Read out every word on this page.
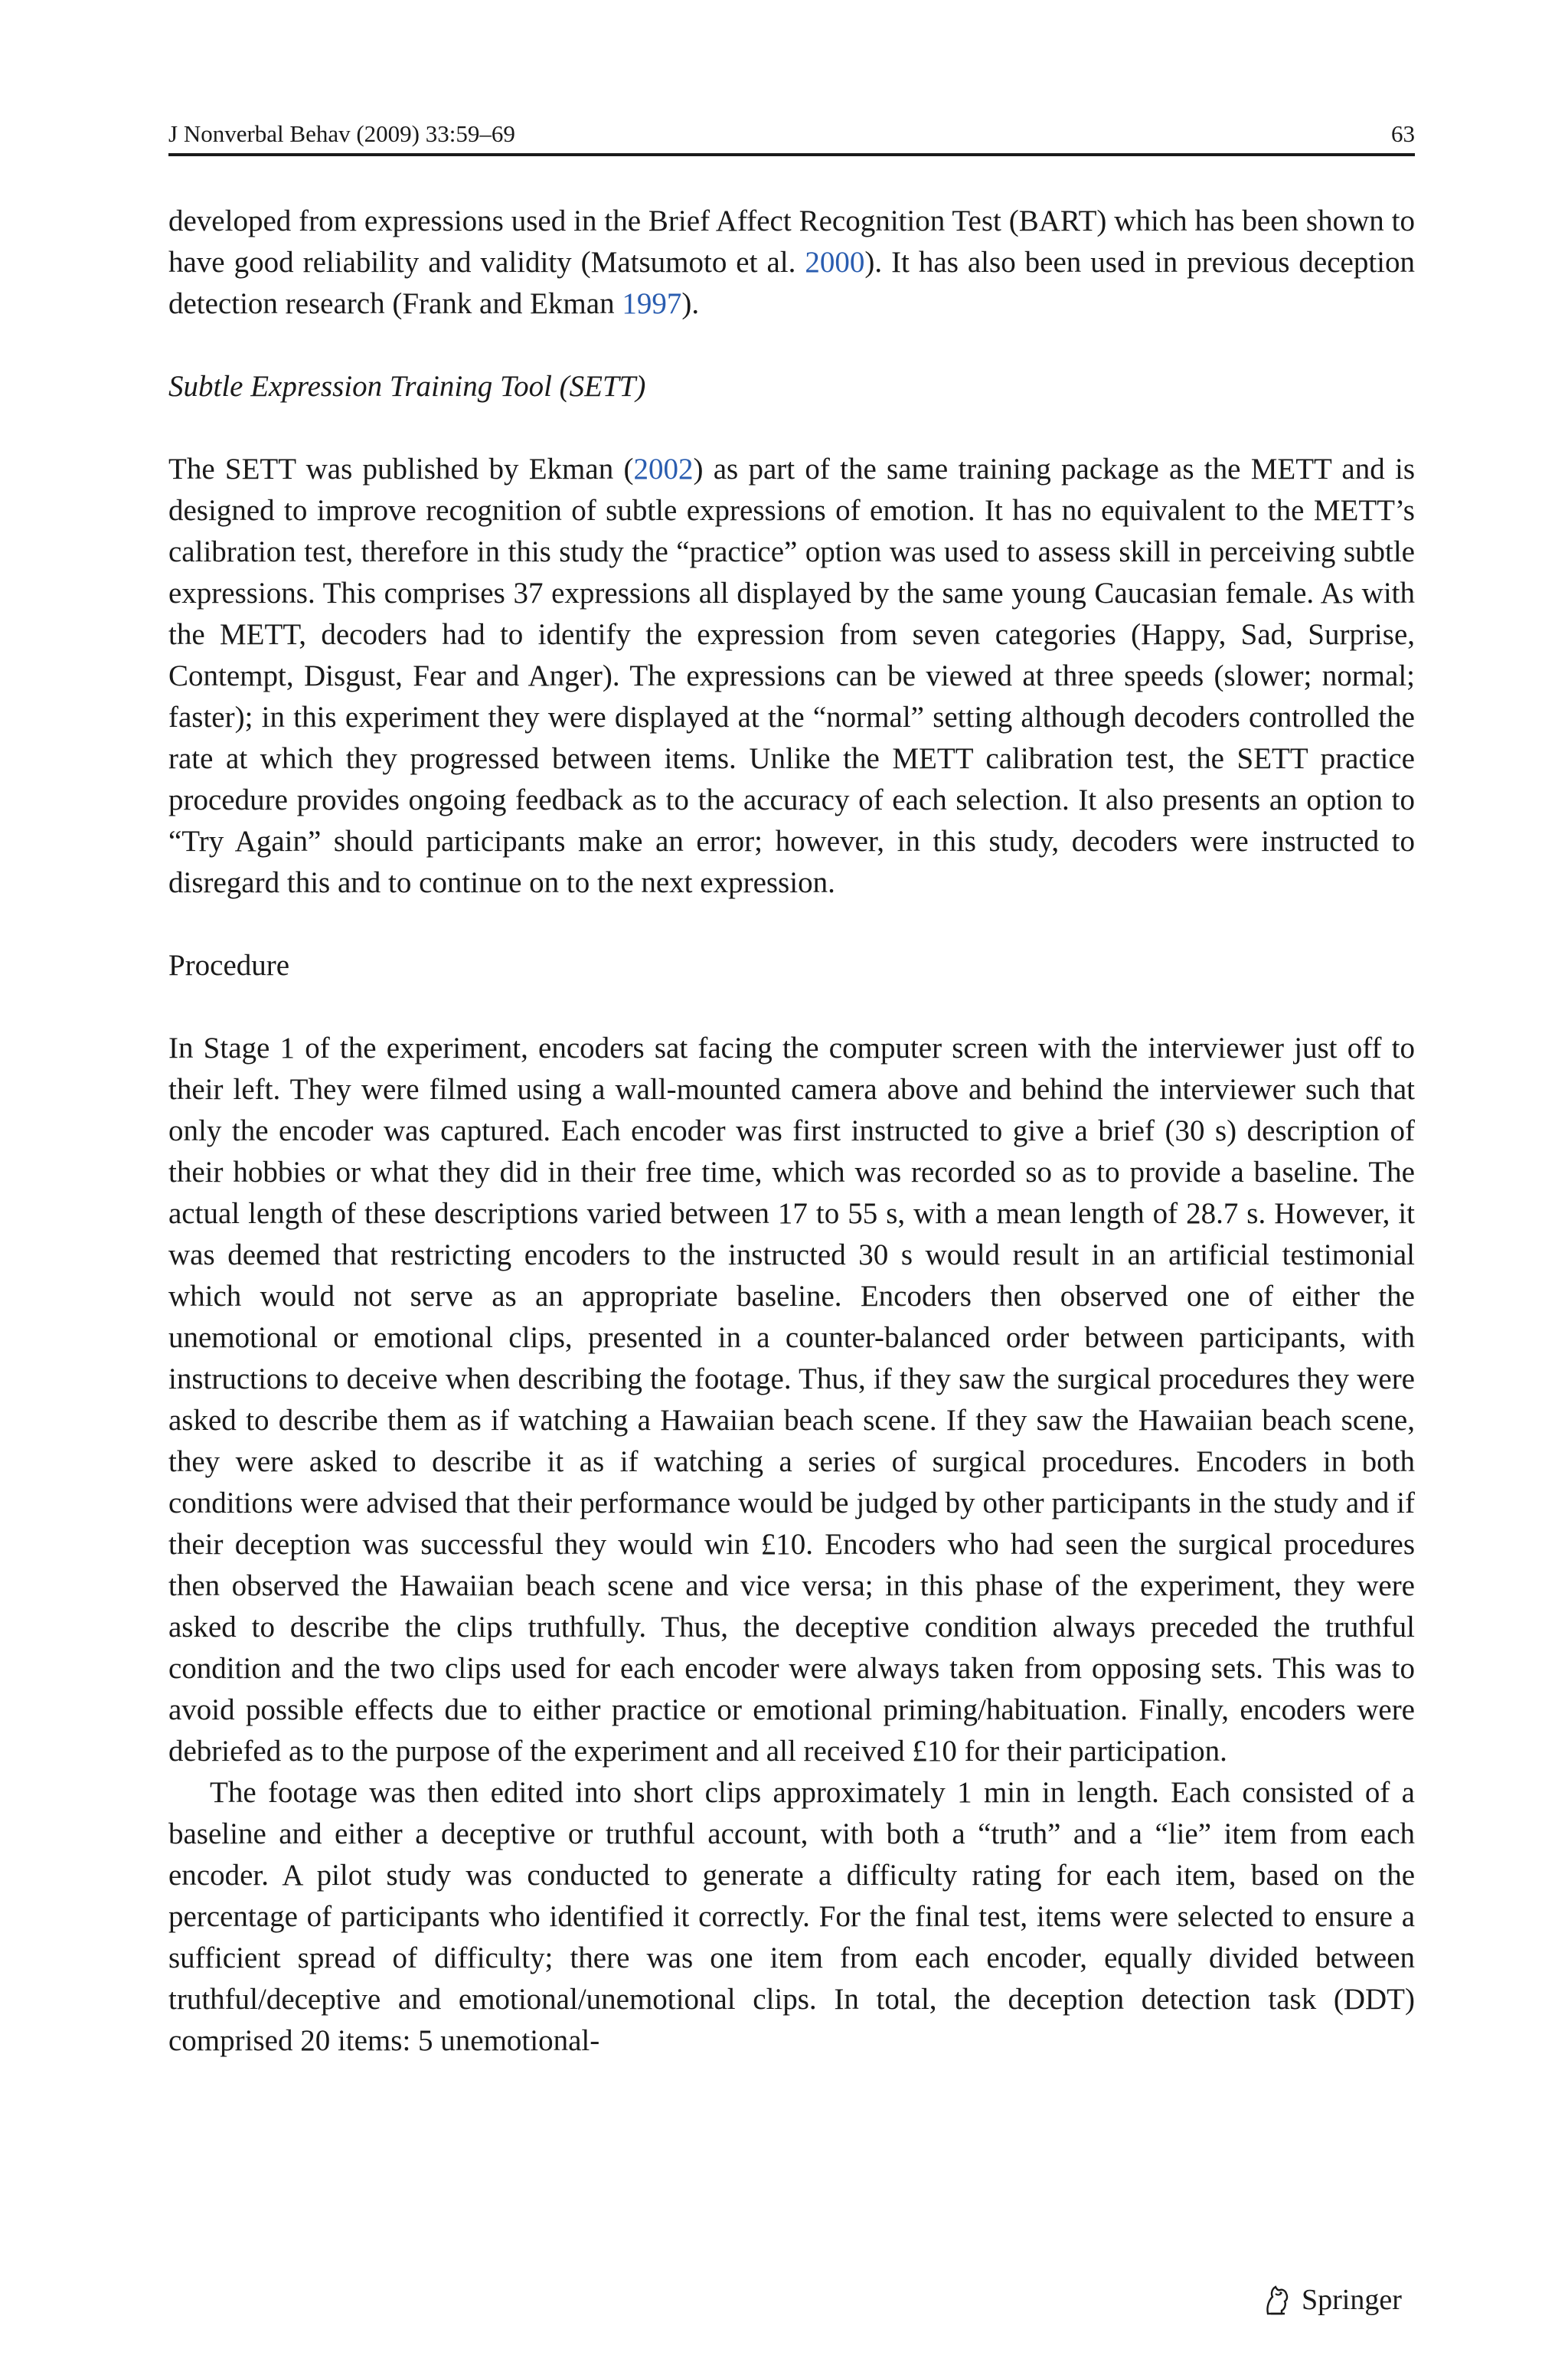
J Nonverbal Behav (2009) 33:59–69	63

developed from expressions used in the Brief Affect Recognition Test (BART) which has been shown to have good reliability and validity (Matsumoto et al. 2000). It has also been used in previous deception detection research (Frank and Ekman 1997).

Subtle Expression Training Tool (SETT)

The SETT was published by Ekman (2002) as part of the same training package as the METT and is designed to improve recognition of subtle expressions of emotion. It has no equivalent to the METT’s calibration test, therefore in this study the “practice” option was used to assess skill in perceiving subtle expressions. This comprises 37 expressions all displayed by the same young Caucasian female. As with the METT, decoders had to identify the expression from seven categories (Happy, Sad, Surprise, Contempt, Disgust, Fear and Anger). The expressions can be viewed at three speeds (slower; normal; faster); in this experiment they were displayed at the “normal” setting although decoders controlled the rate at which they progressed between items. Unlike the METT calibration test, the SETT practice procedure provides ongoing feedback as to the accuracy of each selection. It also presents an option to “Try Again” should participants make an error; however, in this study, decoders were instructed to disregard this and to continue on to the next expression.

Procedure

In Stage 1 of the experiment, encoders sat facing the computer screen with the interviewer just off to their left. They were filmed using a wall-mounted camera above and behind the interviewer such that only the encoder was captured. Each encoder was first instructed to give a brief (30 s) description of their hobbies or what they did in their free time, which was recorded so as to provide a baseline. The actual length of these descriptions varied between 17 to 55 s, with a mean length of 28.7 s. However, it was deemed that restricting encoders to the instructed 30 s would result in an artificial testimonial which would not serve as an appropriate baseline. Encoders then observed one of either the unemotional or emotional clips, presented in a counter-balanced order between participants, with instructions to deceive when describing the footage. Thus, if they saw the surgical procedures they were asked to describe them as if watching a Hawaiian beach scene. If they saw the Hawaiian beach scene, they were asked to describe it as if watching a series of surgical procedures. Encoders in both conditions were advised that their performance would be judged by other participants in the study and if their deception was successful they would win £10. Encoders who had seen the surgical procedures then observed the Hawaiian beach scene and vice versa; in this phase of the experiment, they were asked to describe the clips truthfully. Thus, the deceptive condition always preceded the truthful condition and the two clips used for each encoder were always taken from opposing sets. This was to avoid possible effects due to either practice or emotional priming/habituation. Finally, encoders were debriefed as to the purpose of the experiment and all received £10 for their participation.

The footage was then edited into short clips approximately 1 min in length. Each consisted of a baseline and either a deceptive or truthful account, with both a “truth” and a “lie” item from each encoder. A pilot study was conducted to generate a difficulty rating for each item, based on the percentage of participants who identified it correctly. For the final test, items were selected to ensure a sufficient spread of difficulty; there was one item from each encoder, equally divided between truthful/deceptive and emotional/unemotional clips. In total, the deception detection task (DDT) comprised 20 items: 5 unemotional-

Springer
